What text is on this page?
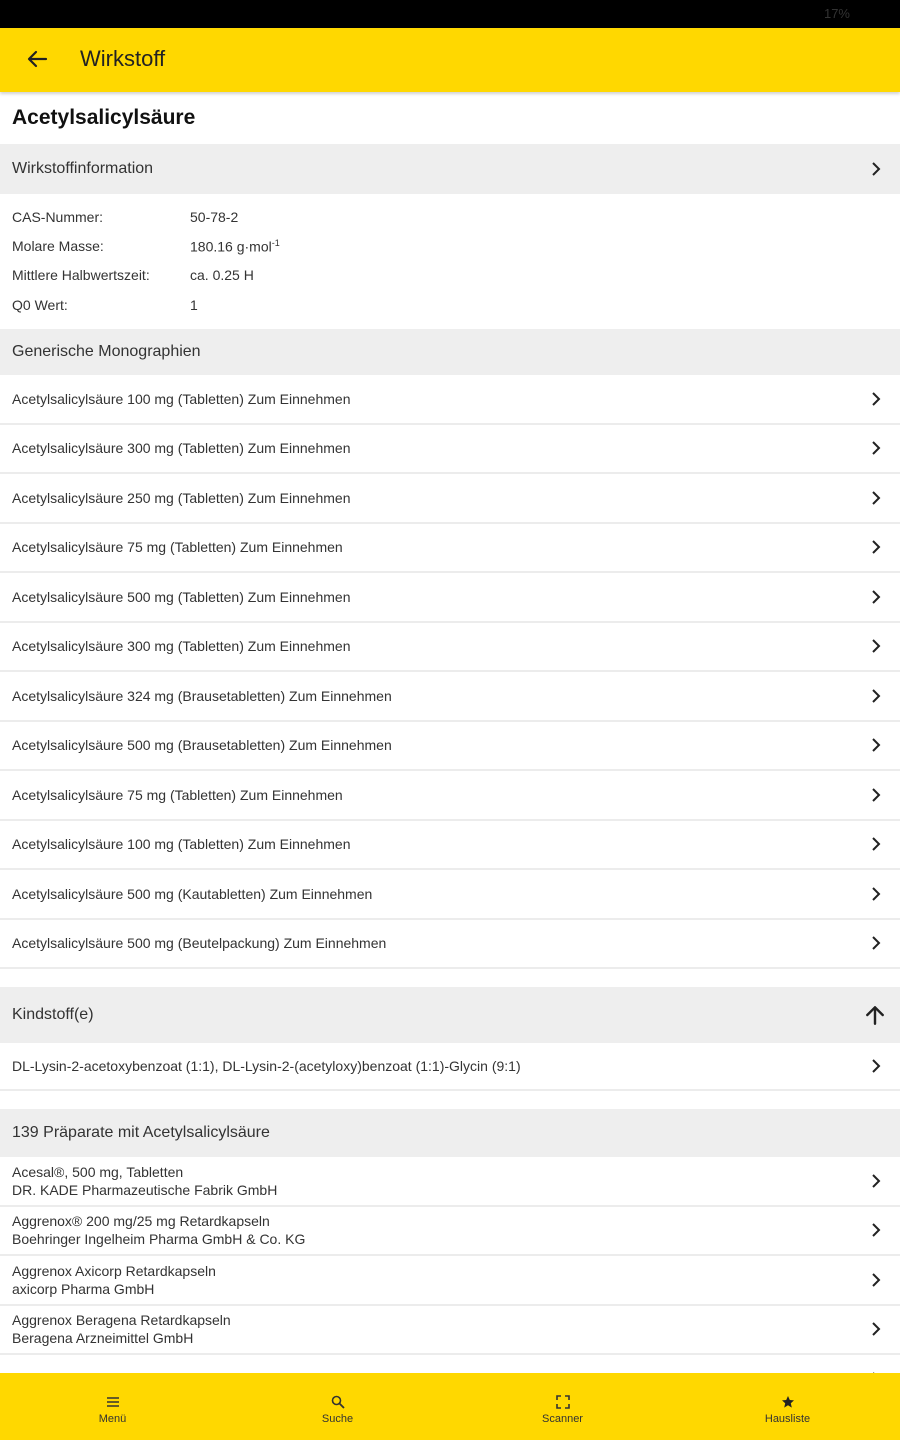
17%
Wirkstoff
Acetylsalicylsäure
Wirkstoffinformation
CAS-Nummer:	50-78-2
Molare Masse:	180.16 g·mol$^{-1}$
Mittlere Halbwertszeit:	ca. 0.25 H
Q0 Wert:	1
Generische Monographien
Acetylsalicylsäure 100 mg (Tabletten) Zum Einnehmen
Acetylsalicylsäure 300 mg (Tabletten) Zum Einnehmen
Acetylsalicylsäure 250 mg (Tabletten) Zum Einnehmen
Acetylsalicylsäure 75 mg (Tabletten) Zum Einnehmen
Acetylsalicylsäure 500 mg (Tabletten) Zum Einnehmen
Acetylsalicylsäure 300 mg (Tabletten) Zum Einnehmen
Acetylsalicylsäure 324 mg (Brausetabletten) Zum Einnehmen
Acetylsalicylsäure 500 mg (Brausetabletten) Zum Einnehmen
Acetylsalicylsäure 75 mg (Tabletten) Zum Einnehmen
Acetylsalicylsäure 100 mg (Tabletten) Zum Einnehmen
Acetylsalicylsäure 500 mg (Kautabletten) Zum Einnehmen
Acetylsalicylsäure 500 mg (Beutelpackung) Zum Einnehmen
Kindstoff(e)
DL-Lysin-2-acetoxybenzoat (1:1), DL-Lysin-2-(acetyloxy)benzoat (1:1)-Glycin (9:1)
139 Präparate mit Acetylsalicylsäure
Acesal®, 500 mg, Tabletten
DR. KADE Pharmazeutische Fabrik GmbH
Aggrenox® 200 mg/25 mg Retardkapseln
Boehringer Ingelheim Pharma GmbH & Co. KG
Aggrenox Axicorp Retardkapseln
axicorp Pharma GmbH
Aggrenox Beragena Retardkapseln
Beragena Arzneimittel GmbH
Menü	Suche	Scanner	Hausliste
